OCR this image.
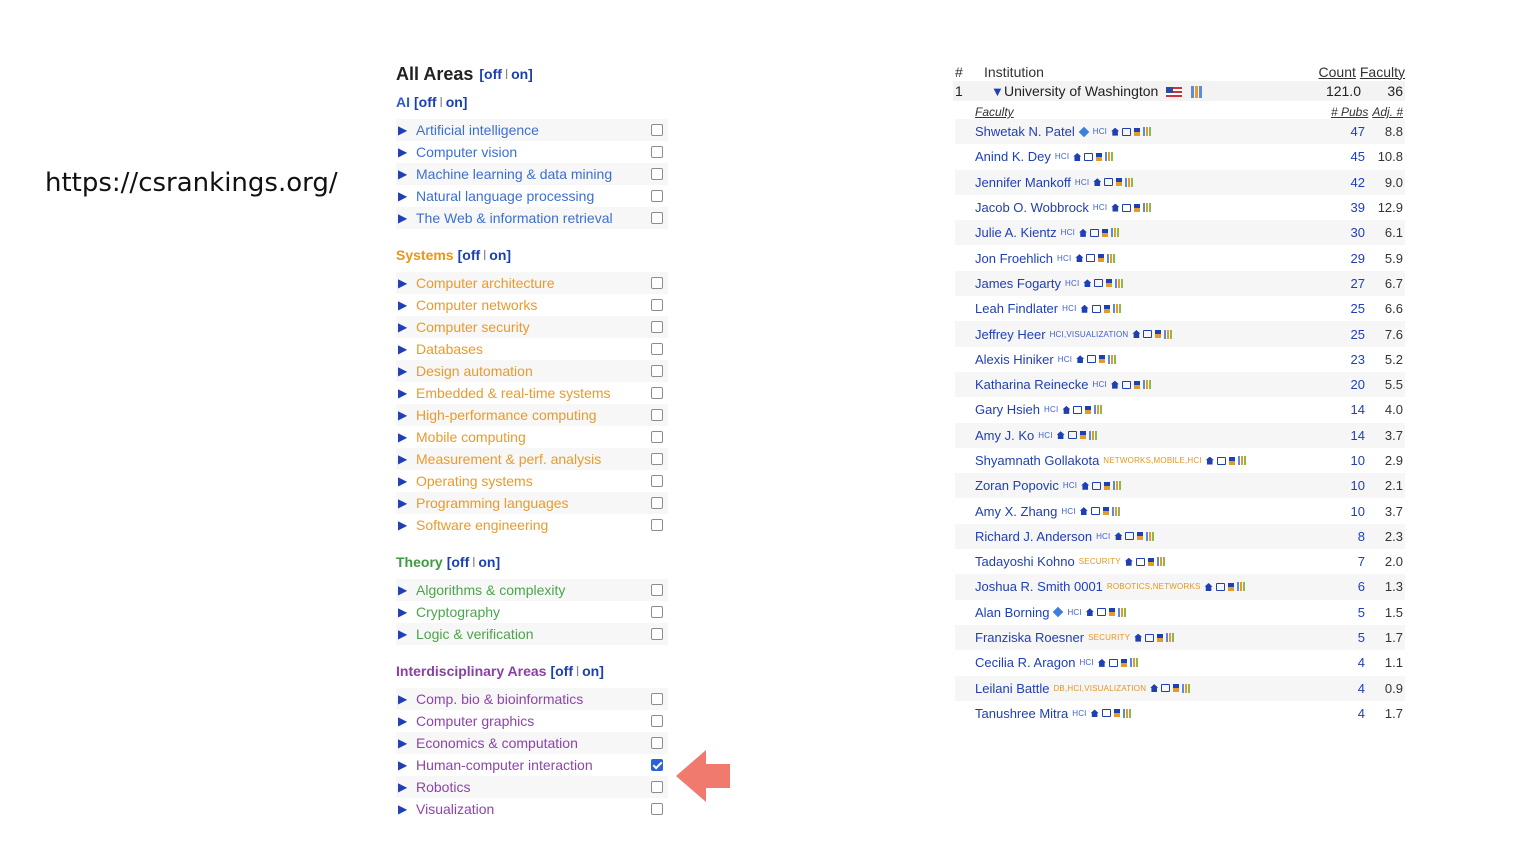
https://csrankings.org/
All Areas [off l on]
AI [off l on]
▶ Artificial intelligence
▶ Computer vision
▶ Machine learning & data mining
▶ Natural language processing
▶ The Web & information retrieval
Systems [off l on]
▶ Computer architecture
▶ Computer networks
▶ Computer security
▶ Databases
▶ Design automation
▶ Embedded & real-time systems
▶ High-performance computing
▶ Mobile computing
▶ Measurement & perf. analysis
▶ Operating systems
▶ Programming languages
▶ Software engineering
Theory [off l on]
▶ Algorithms & complexity
▶ Cryptography
▶ Logic & verification
Interdisciplinary Areas [off l on]
▶ Comp. bio & bioinformatics
▶ Computer graphics
▶ Economics & computation
▶ Human-computer interaction
▶ Robotics
▶ Visualization
#	Institution	Count Faculty
1	▼ University of Washington	121.0	36
Faculty	# Pubs Adj. #
Shwetak N. Patel HCI	47	8.8
Anind K. Dey HCI	45 10.8
Jennifer Mankoff HCI	42	9.0
Jacob O. Wobbrock HCI	39 12.9
Julie A. Kientz HCI	30	6.1
Jon Froehlich HCI	29	5.9
James Fogarty HCI	27	6.7
Leah Findlater HCI	25	6.6
Jeffrey Heer HCI,VISUALIZATION	25	7.6
Alexis Hiniker HCI	23	5.2
Katharina Reinecke HCI	20	5.5
Gary Hsieh HCI	14	4.0
Amy J. Ko HCI	14	3.7
Shyamnath Gollakota NETWORKS,MOBILE,HCI	10	2.9
Zoran Popovic HCI	10	2.1
Amy X. Zhang HCI	10	3.7
Richard J. Anderson HCI	8	2.3
Tadayoshi Kohno SECURITY	7	2.0
Joshua R. Smith 0001 ROBOTICS,NETWORKS	6	1.3
Alan Borning HCI	5	1.5
Franziska Roesner SECURITY	5	1.7
Cecilia R. Aragon HCI	4	1.1
Leilani Battle DB,HCI,VISUALIZATION	4	0.9
Tanushree Mitra HCI	4	1.7
